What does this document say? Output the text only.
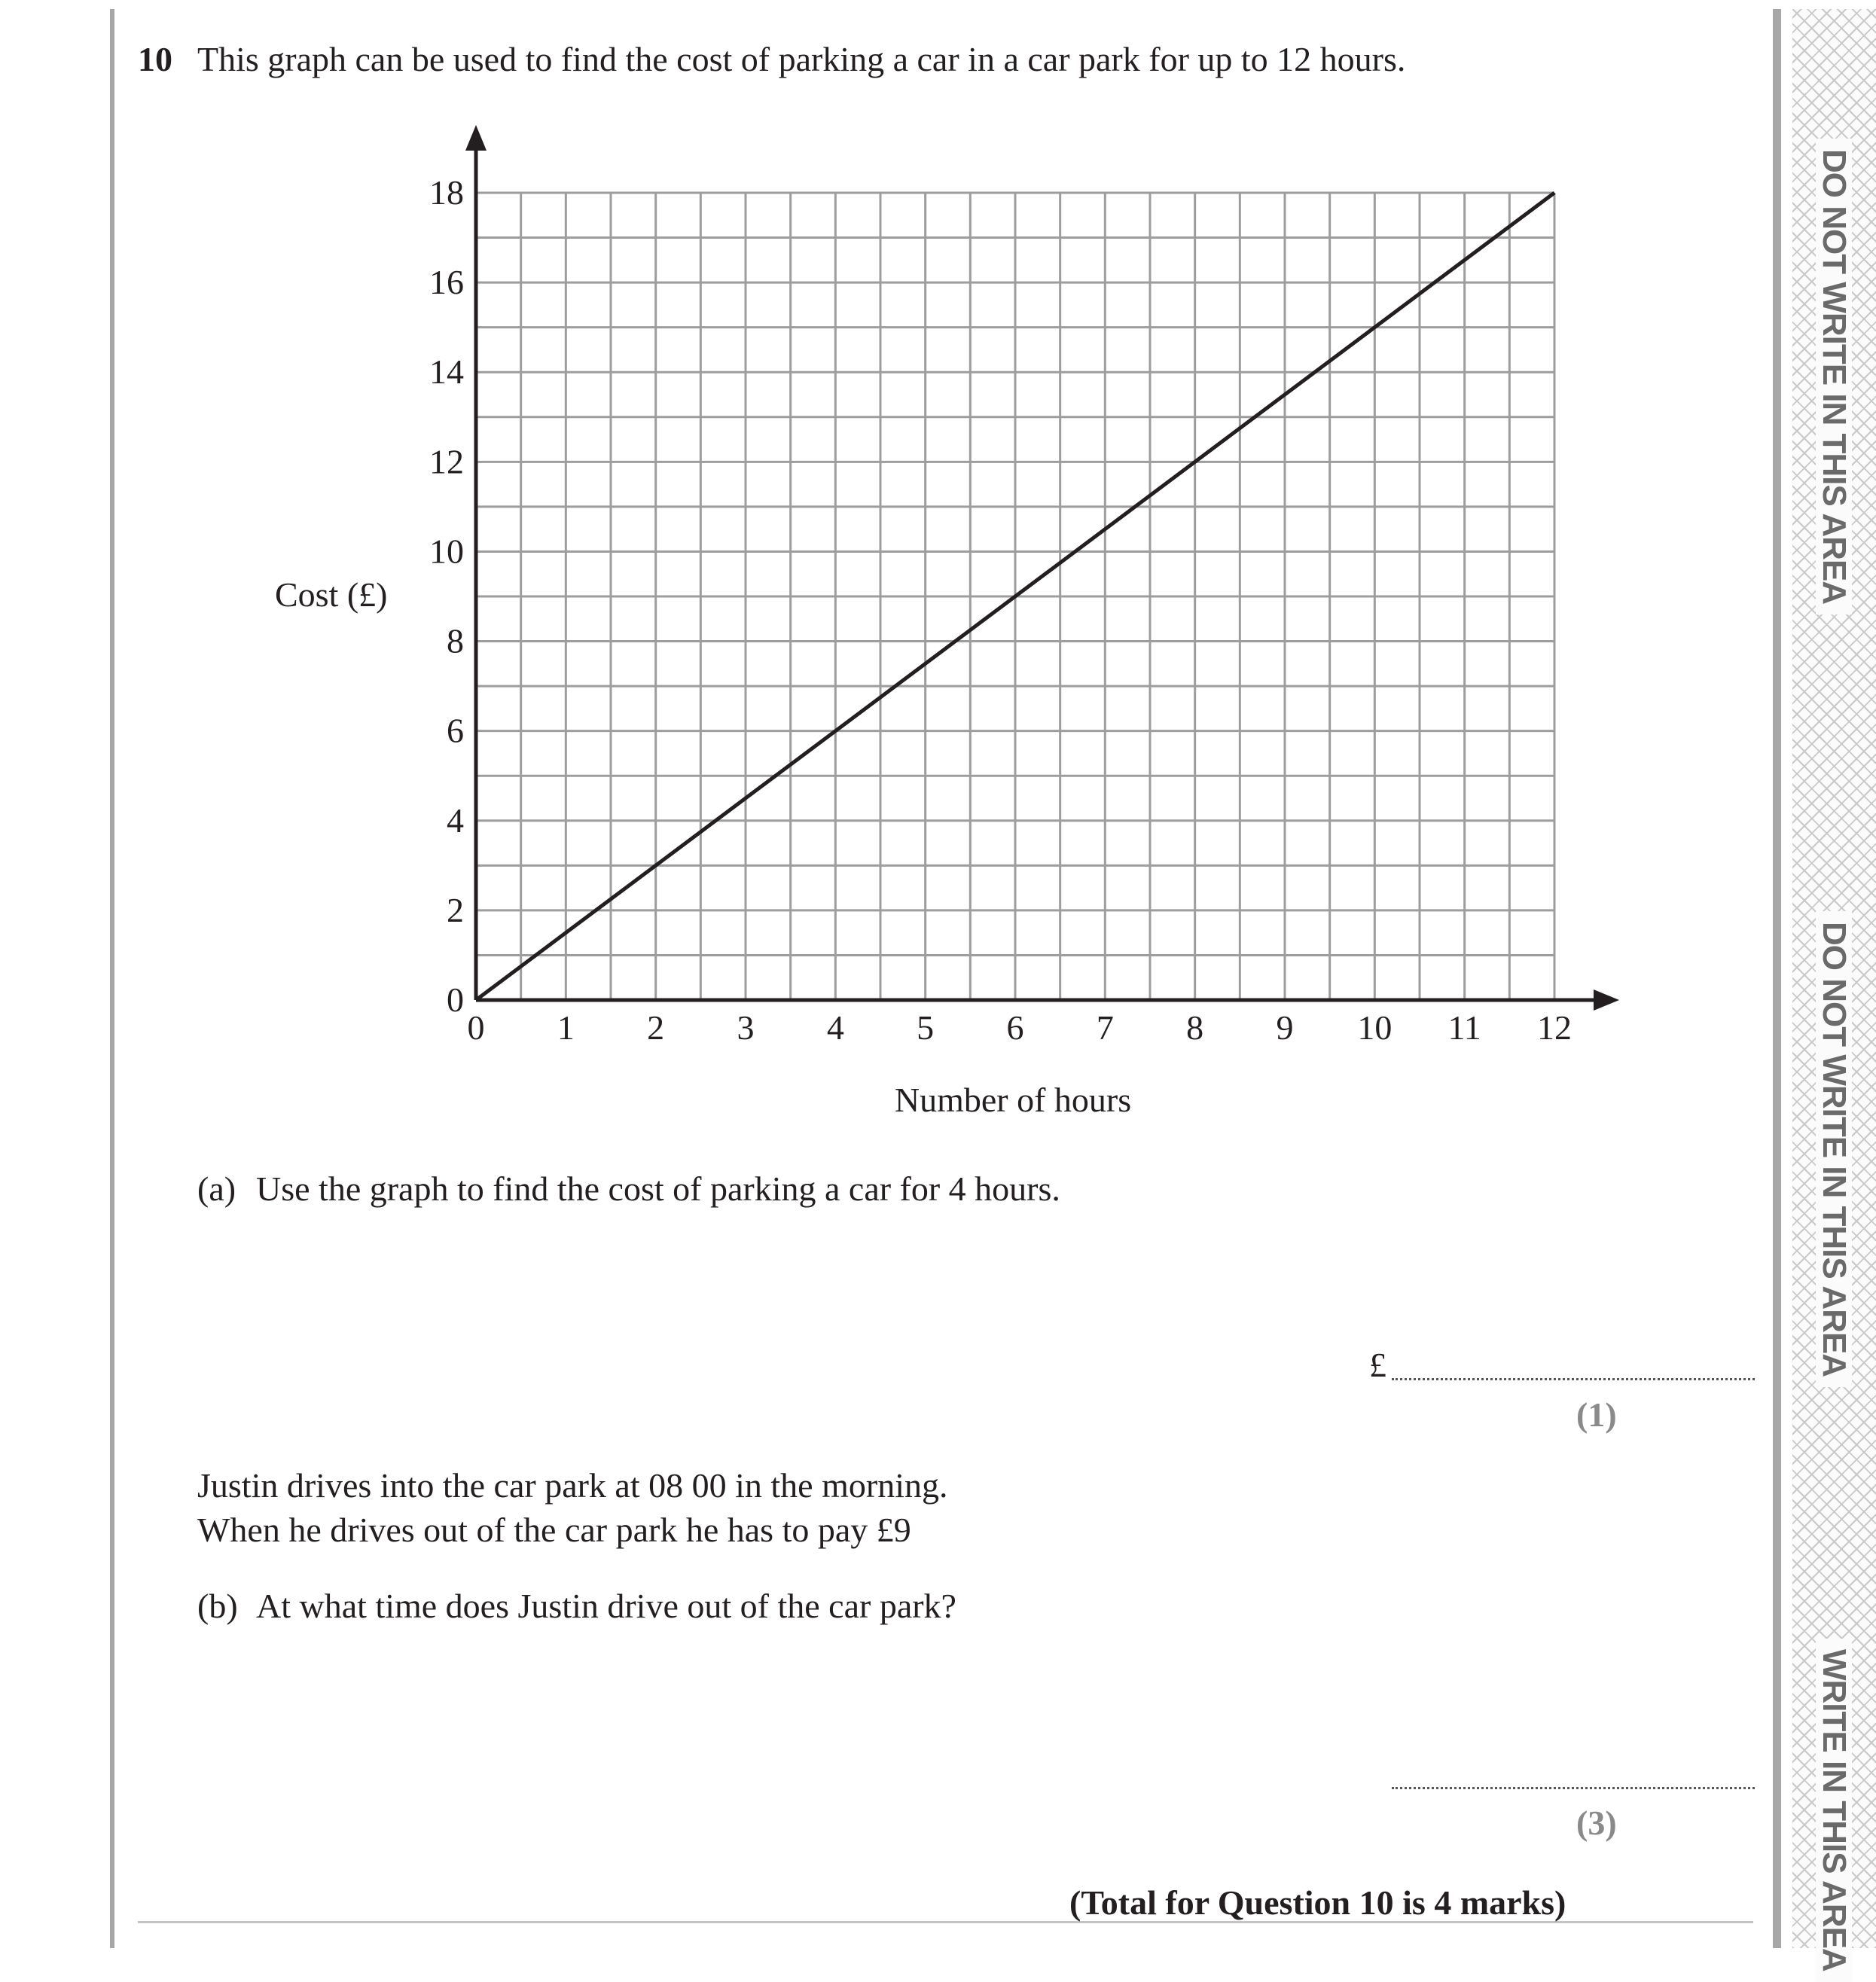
DO NOT WRITE IN THIS AREA
DO NOT WRITE IN THIS AREA
WRITE IN THIS AREA
10 This graph can be used to find the cost of parking a car in a car park for up to 12 hours.
0 1 2 3 4 5 6 7 8 9 10 11 12
0
2
4
6
8
10
12
14
16
18
Cost (£)
Number of hours
(a) Use the graph to find the cost of parking a car for 4 hours.
£
(1)
Justin drives into the car park at 08 00 in the morning.
When he drives out of the car park he has to pay £9
(b) At what time does Justin drive out of the car park?
(3)
(Total for Question 10 is 4 marks)
